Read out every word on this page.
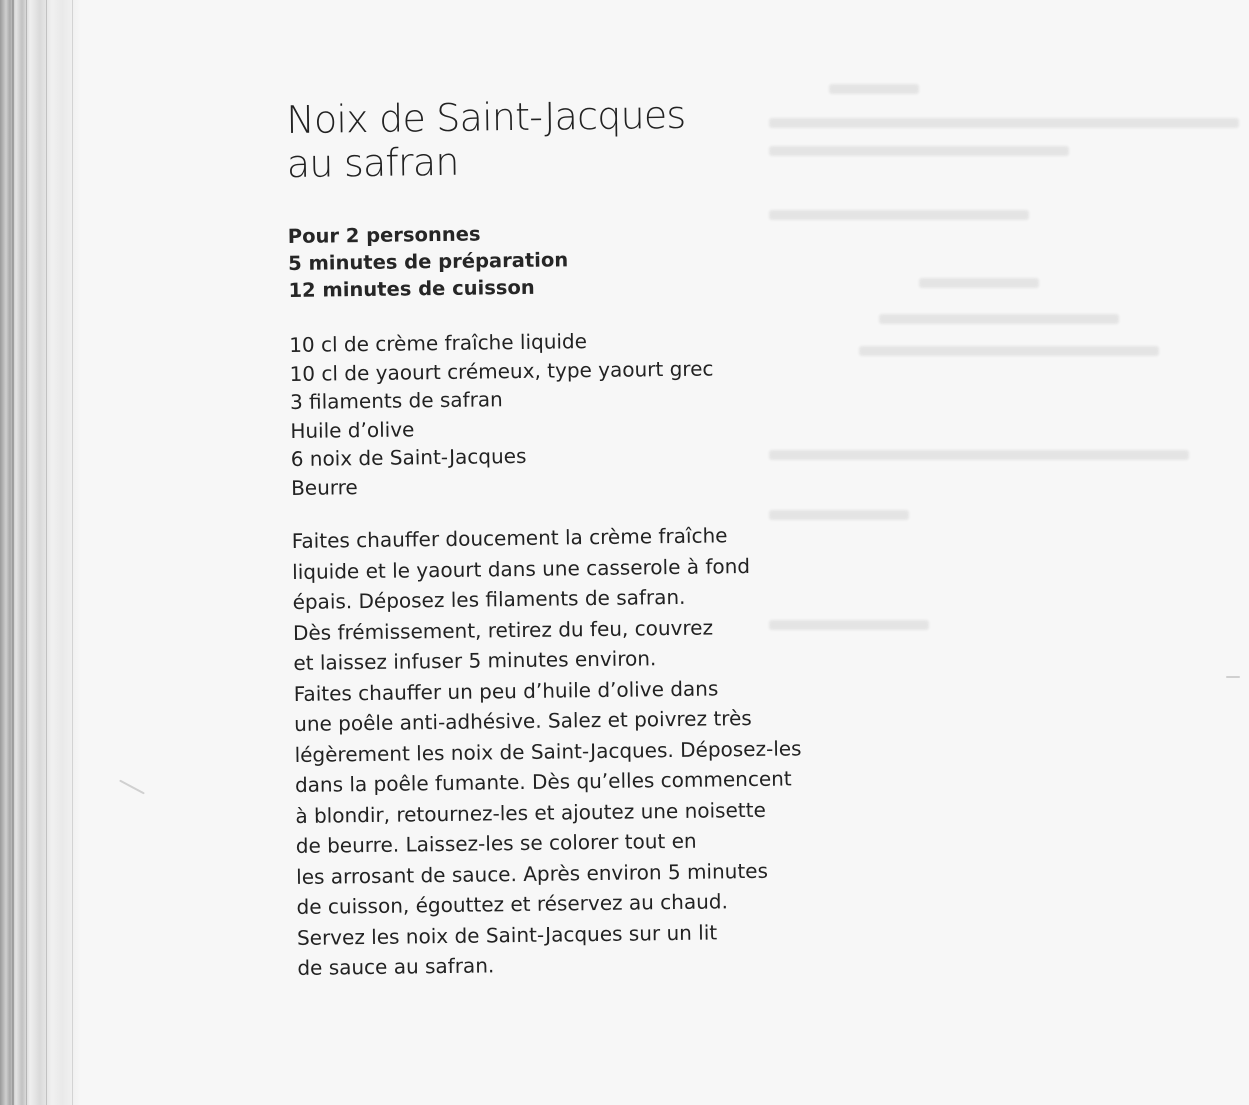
Noix de Saint-Jacques
au safran
Pour 2 personnes
5 minutes de préparation
12 minutes de cuisson
10 cl de crème fraîche liquide
10 cl de yaourt crémeux, type yaourt grec
3 filaments de safran
Huile d’olive
6 noix de Saint-Jacques
Beurre
Faites chauffer doucement la crème fraîche
liquide et le yaourt dans une casserole à fond
épais. Déposez les filaments de safran.
Dès frémissement, retirez du feu, couvrez
et laissez infuser 5 minutes environ.
Faites chauffer un peu d’huile d’olive dans
une poêle anti-adhésive. Salez et poivrez très
légèrement les noix de Saint-Jacques. Déposez-les
dans la poêle fumante. Dès qu’elles commencent
à blondir, retournez-les et ajoutez une noisette
de beurre. Laissez-les se colorer tout en
les arrosant de sauce. Après environ 5 minutes
de cuisson, égouttez et réservez au chaud.
Servez les noix de Saint-Jacques sur un lit
de sauce au safran.
